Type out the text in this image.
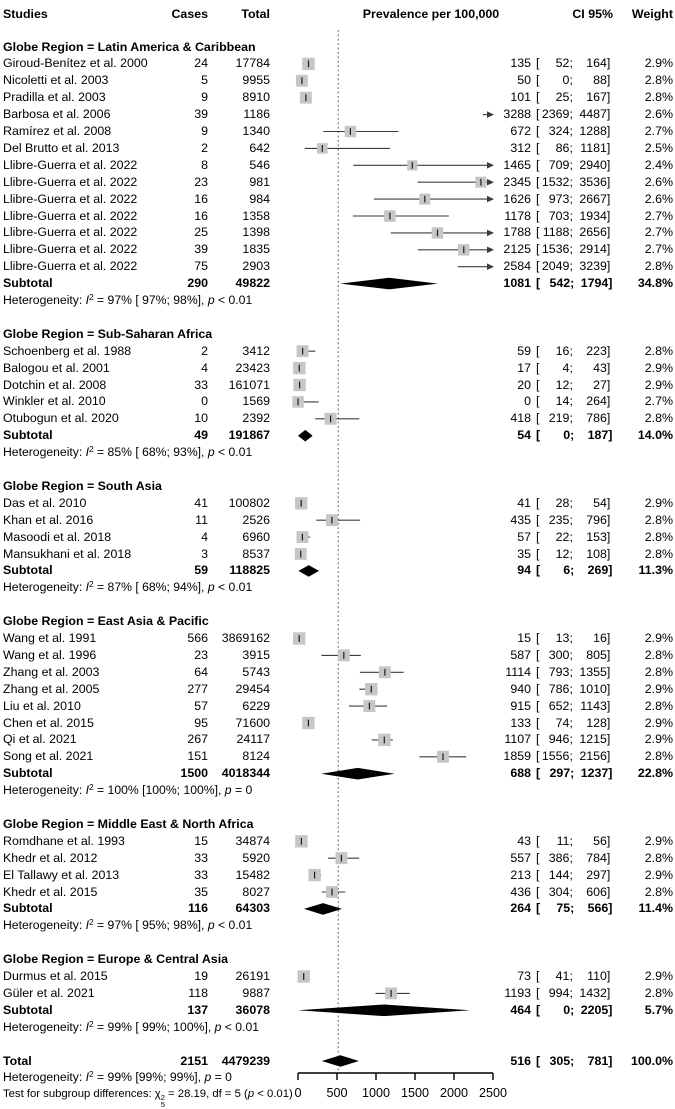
Studies	Cases	Total	Prevalence per 100,000	CI 95%	Weight
0 500 1000 1500 2000 2500
Globe Region = Latin America & Caribbean
Giroud-Benítez et al. 2000	24	17784	135 [ 52; 164]	2.9%
Nicoletti et al. 2003	5	9955	50 [ 0; 88]	2.8%
Pradilla et al. 2003	9	8910	101 [ 25; 167]	2.8%
Barbosa et al. 2006	39	1186	3288 [ 2369; 4487]	2.6%
Ramírez et al. 2008	9	1340	672 [ 324; 1288]	2.7%
Del Brutto et al. 2013	2	642	312 [ 86; 1181]	2.5%
Llibre-Guerra et al. 2022	8	546	1465 [ 709; 2940]	2.4%
Llibre-Guerra et al. 2022	23	981	2345 [ 1532; 3536]	2.6%
Llibre-Guerra et al. 2022	16	984	1626 [ 973; 2667]	2.6%
Llibre-Guerra et al. 2022	16	1358	1178 [ 703; 1934]	2.7%
Llibre-Guerra et al. 2022	25	1398	1788 [ 1188; 2656]	2.7%
Llibre-Guerra et al. 2022	39	1835	2125 [ 1536; 2914]	2.7%
Llibre-Guerra et al. 2022	75	2903	2584 [ 2049; 3239]	2.8%
Subtotal	290	49822	1081 [ 542; 1794]	34.8%
Heterogeneity: $I^2 = 97\%$ [ 97%; 98%], p < 0.01
Globe Region = Sub-Saharan Africa
Schoenberg et al. 1988	2	3412	59 [ 16; 223]	2.8%
Balogou et al. 2001	4	23423	17 [ 4; 43]	2.9%
Dotchin et al. 2008	33	161071	20 [ 12; 27]	2.9%
Winkler et al. 2010	0	1569	0 [ 14; 264]	2.7%
Otubogun et al. 2020	10	2392	418 [ 219; 786]	2.8%
Subtotal	49	191867	54 [ 0; 187]	14.0%
Heterogeneity: $I^2 = 85\%$ [ 68%; 93%], p < 0.01
Globe Region = South Asia
Das et al. 2010	41	100802	41 [ 28; 54]	2.9%
Khan et al. 2016	11	2526	435 [ 235; 796]	2.8%
Masoodi et al. 2018	4	6960	57 [ 22; 153]	2.8%
Mansukhani et al. 2018	3	8537	35 [ 12; 108]	2.8%
Subtotal	59	118825	94 [ 6; 269]	11.3%
Heterogeneity: $I^2 = 87\%$ [ 68%; 94%], p < 0.01
Globe Region = East Asia & Pacific
Wang et al. 1991	566	3869162	15 [ 13; 16]	2.9%
Wang et al. 1996	23	3915	587 [ 300; 805]	2.8%
Zhang et al. 2003	64	5743	1114 [ 793; 1355]	2.8%
Zhang et al. 2005	277	29454	940 [ 786; 1010]	2.9%
Liu et al. 2010	57	6229	915 [ 652; 1143]	2.8%
Chen et al. 2015	95	71600	133 [ 74; 128]	2.9%
Qi et al. 2021	267	24117	1107 [ 946; 1215]	2.9%
Song et al. 2021	151	8124	1859 [ 1556; 2156]	2.8%
Subtotal	1500	4018344	688 [ 297; 1237]	22.8%
Heterogeneity: $I^2 = 100\%$ [100%; 100%], p = 0
Globe Region = Middle East & North Africa
Romdhane et al. 1993	15	34874	43 [ 11; 56]	2.9%
Khedr et al. 2012	33	5920	557 [ 386; 784]	2.8%
El Tallawy et al. 2013	33	15482	213 [ 144; 297]	2.9%
Khedr et al. 2015	35	8027	436 [ 304; 606]	2.8%
Subtotal	116	64303	264 [ 75; 566]	11.4%
Heterogeneity: $I^2 = 97\%$ [ 95%; 98%], p < 0.01
Globe Region = Europe & Central Asia
Durmus et al. 2015	19	26191	73 [ 41; 110]	2.9%
Güler et al. 2021	118	9887	1193 [ 994; 1432]	2.8%
Subtotal	137	36078	464 [ 0; 2205]	5.7%
Heterogeneity: $I^2 = 99\%$ [ 99%; 100%], p < 0.01
Total	2151	4479239	516 [ 305; 781]	100.0%
Heterogeneity: $I^2 = 99\%$ [99%; 99%], p = 0
Test for subgroup differences: χ 2
5
= 28.19, df = 5 (p < 0.01)
